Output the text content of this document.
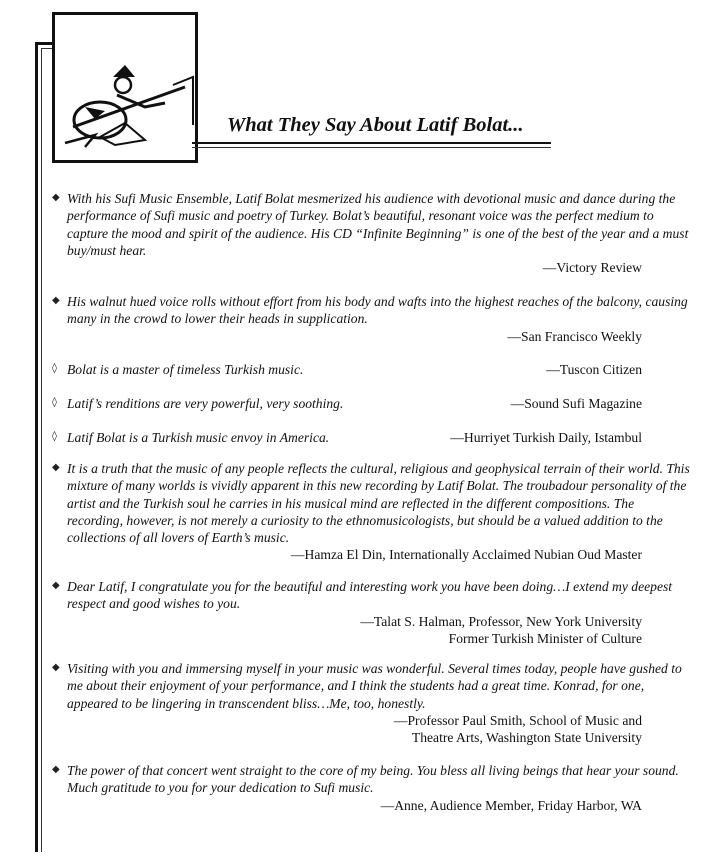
What They Say About Latif Bolat...
◆ With his Sufi Music Ensemble, Latif Bolat mesmerized his audience with devotional music and dance during the performance of Sufi music and poetry of Turkey. Bolat’s beautiful, resonant voice was the perfect medium to capture the mood and spirit of the audience. His CD “Infinite Beginning” is one of the best of the year and a must buy/must hear.
—Victory Review
◆ His walnut hued voice rolls without effort from his body and wafts into the highest reaches of the balcony, causing many in the crowd to lower their heads in supplication.
—San Francisco Weekly
◊ Bolat is a master of timeless Turkish music.	—Tuscon Citizen
◊ Latif’s renditions are very powerful, very soothing.	—Sound Sufi Magazine
◊ Latif Bolat is a Turkish music envoy in America.	—Hurriyet Turkish Daily, Istambul
◆ It is a truth that the music of any people reflects the cultural, religious and geophysical terrain of their world. This mixture of many worlds is vividly apparent in this new recording by Latif Bolat. The troubadour personality of the artist and the Turkish soul he carries in his musical mind are reflected in the different compositions. The recording, however, is not merely a curiosity to the ethnomusicologists, but should be a valued addition to the collections of all lovers of Earth’s music.
—Hamza El Din, Internationally Acclaimed Nubian Oud Master
◆ Dear Latif, I congratulate you for the beautiful and interesting work you have been doing…I extend my deepest respect and good wishes to you.
—Talat S. Halman, Professor, New York University
Former Turkish Minister of Culture
◆ Visiting with you and immersing myself in your music was wonderful. Several times today, people have gushed to me about their enjoyment of your performance, and I think the students had a great time. Konrad, for one, appeared to be lingering in transcendent bliss…Me, too, honestly.
—Professor Paul Smith, School of Music and
Theatre Arts, Washington State University
◆ The power of that concert went straight to the core of my being. You bless all living beings that hear your sound. Much gratitude to you for your dedication to Sufi music.
—Anne, Audience Member, Friday Harbor, WA
